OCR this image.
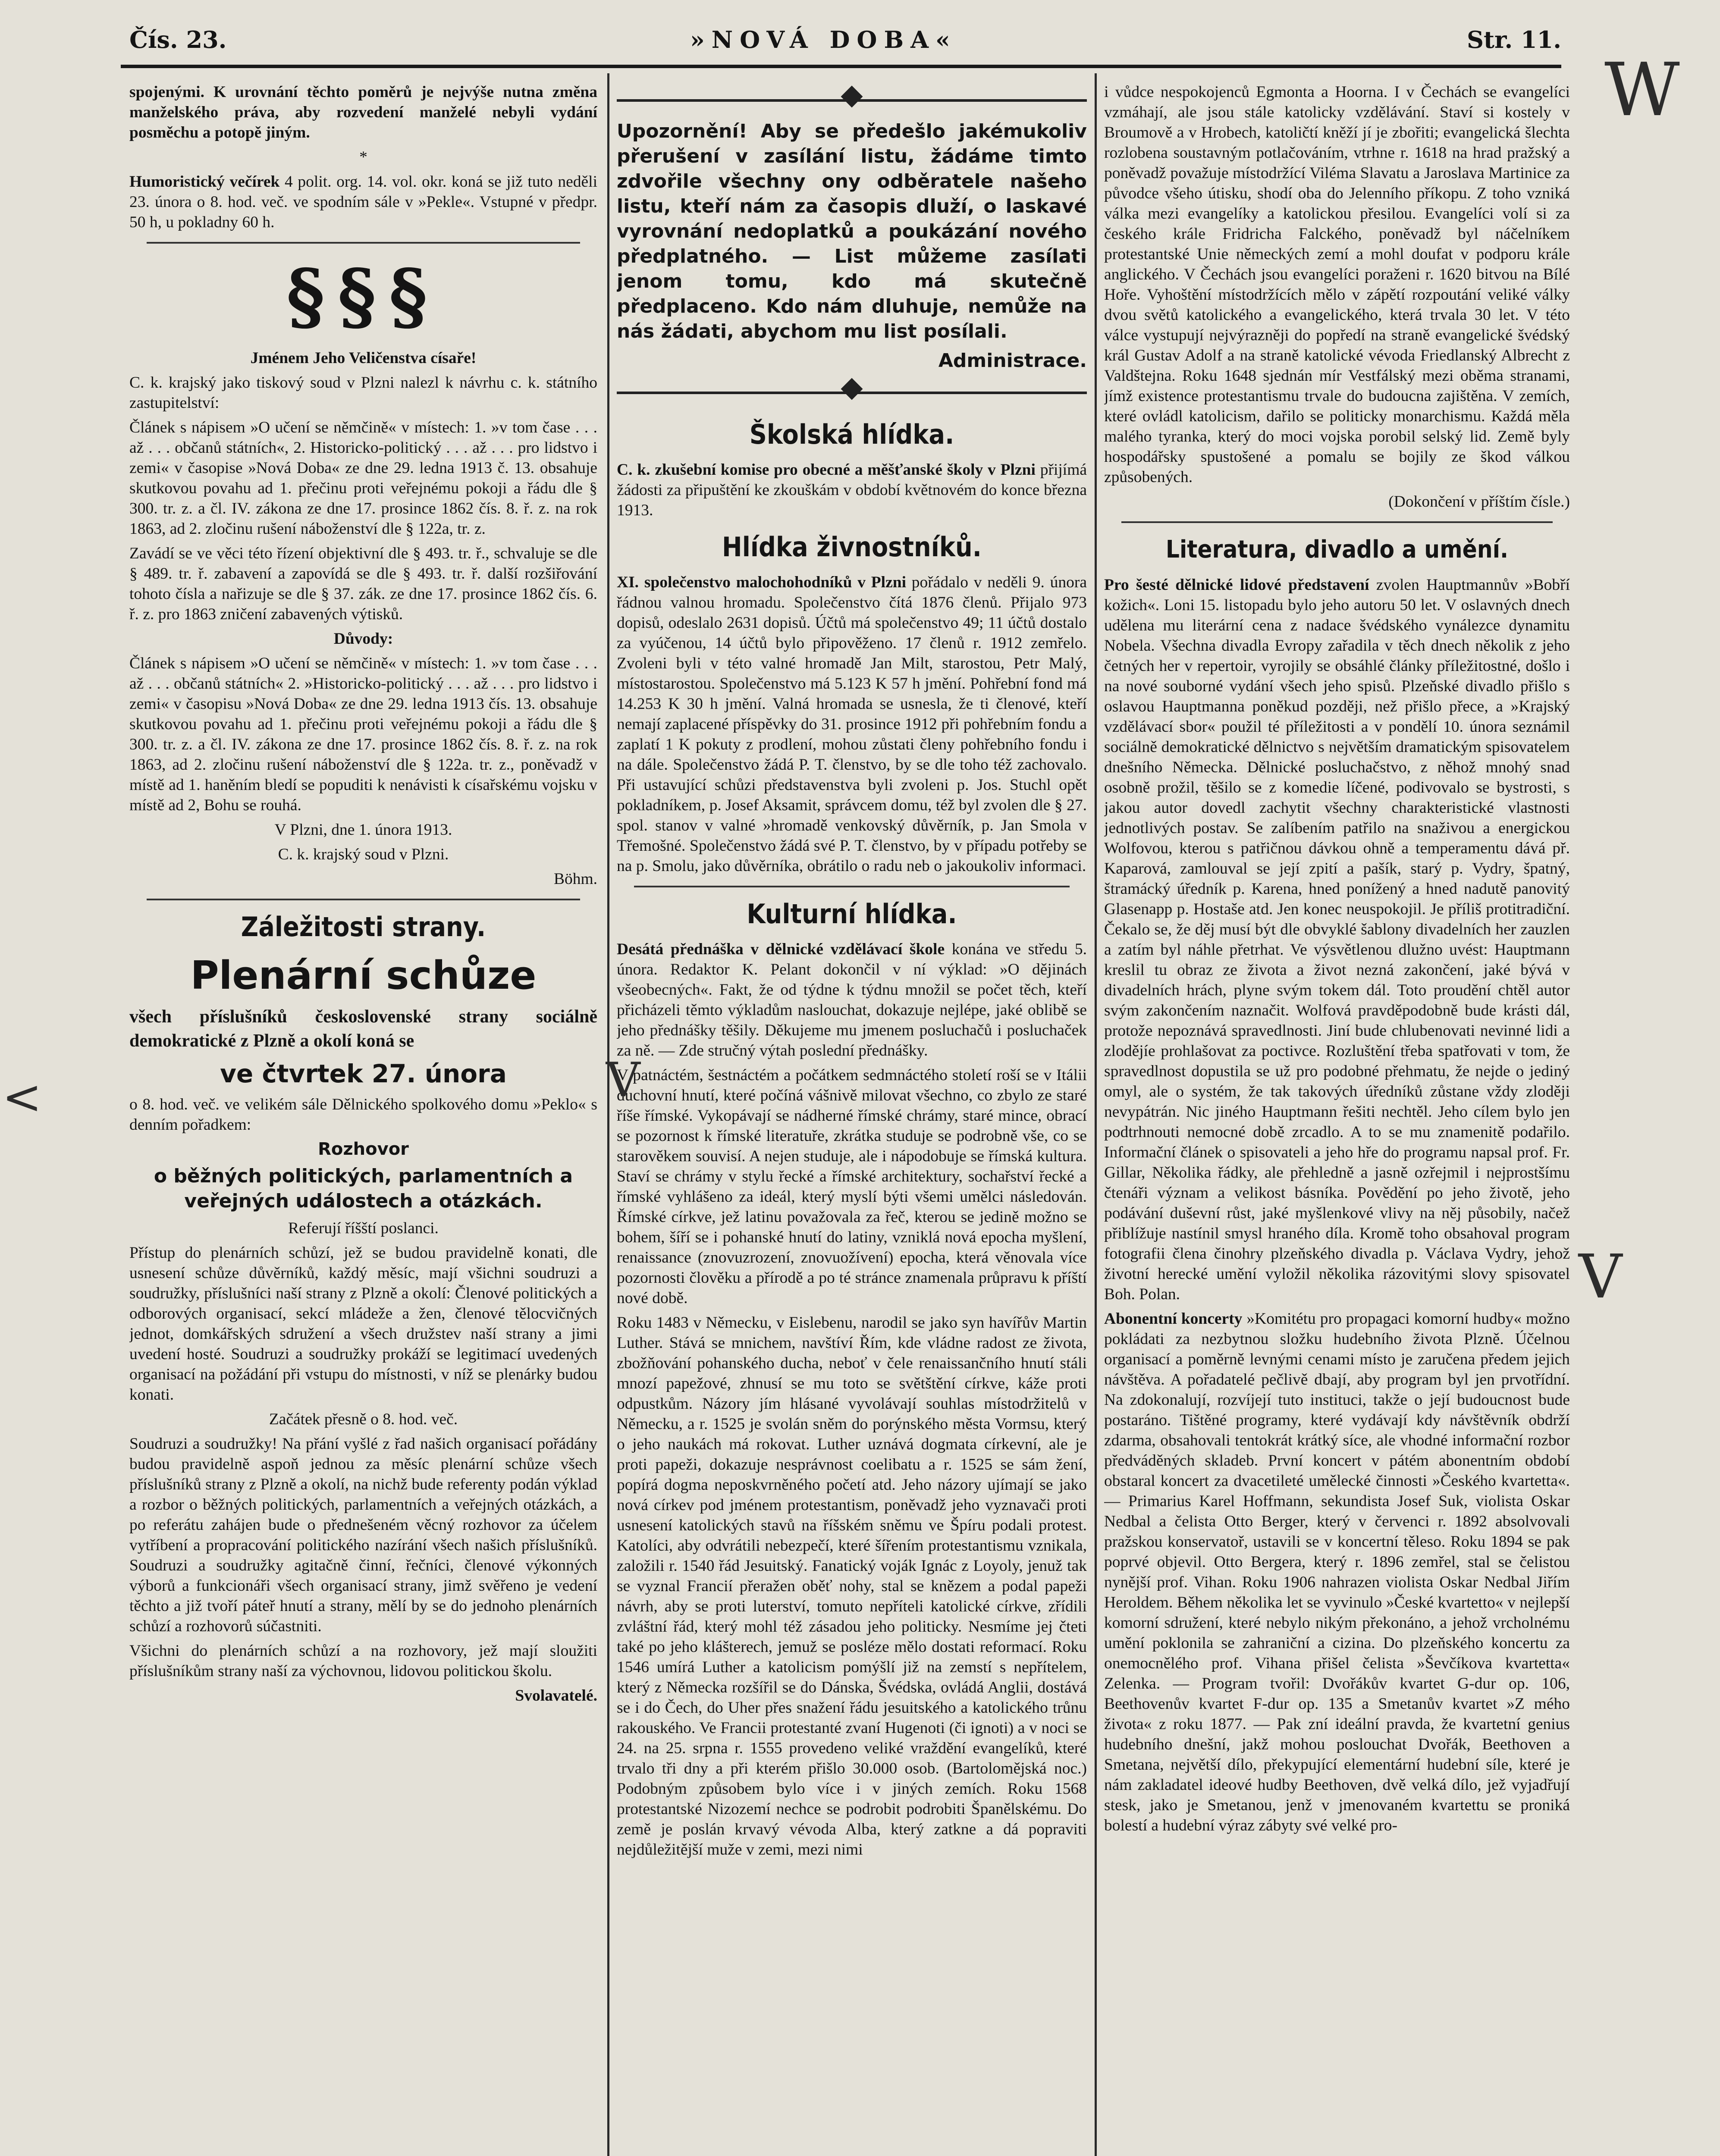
Čís. 23.	»NOVÁ DOBA«	Str. 11.

spojenými. K urovnání těchto poměrů je nejvýše nutna změna manželského práva, aby rozvedení manželé nebyli vydání posměchu a potopě jiným.

*

Humoristický večírek 4 polit. org. 14. vol. okr. koná se již tuto neděli 23. února o 8. hod. več. ve spodním sále v »Pekle«. Vstupné v předpr. 50 h, u pokladny 60 h.

§§§

Jménem Jeho Veličenstva císaře!

C. k. krajský jako tiskový soud v Plzni nalezl k návrhu c. k. státního zastupitelství:

Článek s nápisem »O učení se němčině« v místech: 1. »v tom čase . . . až . . . občanů státních«, 2. Historicko-politický . . . až . . . pro lidstvo i zemi« v časopise »Nová Doba« ze dne 29. ledna 1913 č. 13. obsahuje skutkovou povahu ad 1. přečinu proti veřejnému pokoji a řádu dle § 300. tr. z. a čl. IV. zákona ze dne 17. prosince 1862 čís. 8. ř. z. na rok 1863, ad 2. zločinu rušení náboženství dle § 122a, tr. z.

Zavádí se ve věci této řízení objektivní dle § 493. tr. ř., schvaluje se dle § 489. tr. ř. zabavení a zapovídá se dle § 493. tr. ř. další rozšiřování tohoto čísla a nařizuje se dle § 37. zák. ze dne 17. prosince 1862 čís. 6. ř. z. pro 1863 zničení zabavených výtisků.

Důvody:

Článek s nápisem »O učení se němčině« v místech: 1. »v tom čase . . . až . . . občanů státních« 2. »Historicko-politický . . . až . . . pro lidstvo i zemi« v časopisu »Nová Doba« ze dne 29. ledna 1913 čís. 13. obsahuje skutkovou povahu ad 1. přečinu proti veřejnému pokoji a řádu dle § 300. tr. z. a čl. IV. zákona ze dne 17. prosince 1862 čís. 8. ř. z. na rok 1863, ad 2. zločinu rušení náboženství dle § 122a. tr. z., poněvadž v místě ad 1. haněním bledí se popuditi k nenávisti k císařskému vojsku v místě ad 2, Bohu se rouhá.

V Plzni, dne 1. února 1913.

C. k. krajský soud v Plzni.

Böhm.

Záležitosti strany.
Plenární schůze

všech příslušníků československé strany sociálně demokratické z Plzně a okolí koná se

ve čtvrtek 27. února

o 8. hod. več. ve velikém sále Dělnického spolkového domu »Peklo« s denním pořadkem:

Rozhovor

o běžných politických, parlamentních a veřejných událostech a otázkách.

Referují říšští poslanci.

Přístup do plenárních schůzí, jež se budou pravidelně konati, dle usnesení schůze důvěrníků, každý měsíc, mají všichni soudruzi a soudružky, příslušníci naší strany z Plzně a okolí: Členové politických a odborových organisací, sekcí mládeže a žen, členové tělocvičných jednot, domkářských sdružení a všech družstev naší strany a jimi uvedení hosté. Soudruzi a soudružky prokáží se legitimací uvedených organisací na požádání při vstupu do místnosti, v níž se plenárky budou konati.

Začátek přesně o 8. hod. več.

Soudruzi a soudružky! Na přání vyšlé z řad našich organisací pořádány budou pravidelně aspoň jednou za měsíc plenární schůze všech příslušníků strany z Plzně a okolí, na nichž bude referenty podán výklad a rozbor o běžných politických, parlamentních a veřejných otázkách, a po referátu zahájen bude o přednešeném věcný rozhovor za účelem vytříbení a propracování politického nazírání všech našich příslušníků. Soudruzi a soudružky agitačně činní, řečníci, členové výkonných výborů a funkcionáři všech organisací strany, jimž svěřeno je vedení těchto a již tvoří páteř hnutí a strany, mělí by se do jednoho plenárních schůzí a rozhovorů súčastniti.

Všichni do plenárních schůzí a na rozhovory, jež mají sloužiti příslušníkům strany naší za výchovnou, lidovou politickou školu.

Svolavatelé.

Upozornění! Aby se předešlo jakémukoliv přerušení v zasílání listu, žádáme timto zdvořile všechny ony odběratele našeho listu, kteří nám za časopis dluží, o laskavé vyrovnání nedoplatků a poukázání nového předplatného. — List můžeme zasílati jenom tomu, kdo má skutečně předplaceno. Kdo nám dluhuje, nemůže na nás žádati, abychom mu list posílali.

Administrace.

Školská hlídka.

C. k. zkušební komise pro obecné a měšťanské školy v Plzni přijímá žádosti za připuštění ke zkouškám v období květnovém do konce března 1913.

Hlídka živnostníků.

XI. společenstvo malochohodníků v Plzni pořádalo v neděli 9. února řádnou valnou hromadu. Společenstvo čítá 1876 členů. Přijalo 973 dopisů, odeslalo 2631 dopisů. Účtů má společenstvo 49; 11 účtů dostalo za vyúčenou, 14 účtů bylo připověženo. 17 členů r. 1912 zemřelo. Zvoleni byli v této valné hromadě Jan Milt, starostou, Petr Malý, místostarostou. Společenstvo má 5.123 K 57 h jmění. Pohřební fond má 14.253 K 30 h jmění. Valná hromada se usnesla, že ti členové, kteří nemají zaplacené příspěvky do 31. prosince 1912 při pohřebním fondu a zaplatí 1 K pokuty z prodlení, mohou zůstati členy pohřebního fondu i na dále. Společenstvo žádá P. T. členstvo, by se dle toho též zachovalo. Při ustavující schůzi představenstva byli zvoleni p. Jos. Stuchl opět pokladníkem, p. Josef Aksamit, správcem domu, též byl zvolen dle § 27. spol. stanov v valné »hromadě venkovský důvěrník, p. Jan Smola v Třemošné. Společenstvo žádá své P. T. členstvo, by v případu potřeby se na p. Smolu, jako důvěrníka, obrátilo o radu neb o jakoukoliv informaci.

Kulturní hlídka.

Desátá přednáška v dělnické vzdělávací škole konána ve středu 5. února. Redaktor K. Pelant dokončil v ní výklad: »O dějinách všeobecných«. Fakt, že od týdne k týdnu množil se počet těch, kteří přicházeli těmto výkladům naslouchat, dokazuje nejlépe, jaké oblibě se jeho přednášky těšily. Děkujeme mu jmenem posluchačů i posluchaček za ně. — Zde stručný výtah poslední přednášky.

V patnáctém, šestnáctém a počátkem sedmnáctého století roší se v Itálii duchovní hnutí, které počíná vášnivě milovat všechno, co zbylo ze staré říše římské. Vykopávají se nádherné římské chrámy, staré mince, obrací se pozornost k římské literatuře, zkrátka studuje se podrobně vše, co se starověkem souvisí. A nejen studuje, ale i nápodobuje se římská kultura. Staví se chrámy v stylu řecké a římské architektury, sochařství řecké a římské vyhlášeno za ideál, který myslí býti všemi umělci následován. Římské církve, jež latinu považovala za řeč, kterou se jedině možno se bohem, šíří se i pohanské hnutí do latiny, vzniklá nová epocha myšlení, renaissance (znovuzrození, znovuožívení) epocha, která věnovala více pozornosti člověku a přírodě a po té stránce znamenala průpravu k příští nové době.

Roku 1483 v Německu, v Eislebenu, narodil se jako syn havířův Martin Luther. Stává se mnichem, navštíví Řím, kde vládne radost ze života, zbožňování pohanského ducha, neboť v čele renaissančního hnutí stáli mnozí papežové, zhnusí se mu toto se světštění církve, káže proti odpustkům. Názory jím hlásané vyvolávají souhlas místodržitelů v Německu, a r. 1525 je svolán sněm do porýnského města Vormsu, který o jeho naukách má rokovat. Luther uznává dogmata církevní, ale je proti papeži, dokazuje nesprávnost coelibatu a r. 1525 se sám žení, popírá dogma neposkvrněného početí atd. Jeho názory ujímají se jako nová církev pod jménem protestantism, poněvadž jeho vyznavači proti usnesení katolických stavů na říšském sněmu ve Špíru podali protest. Katolíci, aby odvrátili nebezpečí, které šířením protestantismu vznikala, založili r. 1540 řád Jesuitský. Fanatický voják Ignác z Loyoly, jenuž tak se vyznal Francií přeražen oběť nohy, stal se knězem a podal papeži návrh, aby se proti luterství, tomuto nepříteli katolické církve, zřídili zvláštní řád, který mohl též zásadou jeho politicky. Nesmíme jej čteti také po jeho klášterech, jemuž se posléze mělo dostati reformací. Roku 1546 umírá Luther a katolicism pomýšlí již na zemstí s nepřítelem, který z Německa rozšířil se do Dánska, Švédska, ovládá Anglii, dostává se i do Čech, do Uher přes snažení řádu jesuitského a katolického trůnu rakouského. Ve Francii protestanté zvaní Hugenoti (či ignoti) a v noci se 24. na 25. srpna r. 1555 provedeno veliké vraždění evangelíků, které trvalo tři dny a při kterém přišlo 30.000 osob. (Bartolomějská noc.) Podobným způsobem bylo více i v jiných zemích. Roku 1568 protestantské Nizozemí nechce se podrobit podrobiti Španělskému. Do země je poslán krvavý vévoda Alba, který zatkne a dá popraviti nejdůležitější muže v zemi, mezi nimi

i vůdce nespokojenců Egmonta a Hoorna. I v Čechách se evangelíci vzmáhají, ale jsou stále katolicky vzdělávání. Staví si kostely v Broumově a v Hrobech, katoličtí kněží jí je zbořiti; evangelická šlechta rozlobena soustavným potlačováním, vtrhne r. 1618 na hrad pražský a poněvadž považuje místodržící Viléma Slavatu a Jaroslava Martinice za původce všeho útisku, shodí oba do Jelenního příkopu. Z toho vzniká válka mezi evangelíky a katolickou přesilou. Evangelíci volí si za českého krále Fridricha Falckého, poněvadž byl náčelníkem protestantské Unie německých zemí a mohl doufat v podporu krále anglického. V Čechách jsou evangelíci poraženi r. 1620 bitvou na Bílé Hoře. Vyhoštění místodržících mělo v zápětí rozpoutání veliké války dvou světů katolického a evangelického, která trvala 30 let. V této válce vystupují nejvýrazněji do popředí na straně evangelické švédský král Gustav Adolf a na straně katolické vévoda Friedlanský Albrecht z Valdštejna. Roku 1648 sjednán mír Vestfálský mezi oběma stranami, jímž existence protestantismu trvale do budoucna zajištěna. V zemích, které ovládl katolicism, dařilo se politicky monarchismu. Každá měla malého tyranka, který do moci vojska porobil selský lid. Země byly hospodářsky spustošené a pomalu se bojily ze škod válkou způsobených.

(Dokončení v příštím čísle.)

Literatura, divadlo a umění.

Pro šesté dělnické lidové představení zvolen Hauptmannův »Bobří kožich«. Loni 15. listopadu bylo jeho autoru 50 let. V oslavných dnech udělena mu literární cena z nadace švédského vynálezce dynamitu Nobela. Všechna divadla Evropy zařadila v těch dnech několik z jeho četných her v repertoir, vyrojily se obsáhlé články příležitostné, došlo i na nové souborné vydání všech jeho spisů. Plzeňské divadlo přišlo s oslavou Hauptmanna poněkud později, než přišlo přece, a »Krajský vzdělávací sbor« použil té příležitosti a v pondělí 10. února seznámil sociálně demokratické dělnictvo s největším dramatickým spisovatelem dnešního Německa. Dělnické posluchačstvo, z něhož mnohý snad osobně prožil, těšilo se z komedie líčené, podivovalo se bystrosti, s jakou autor dovedl zachytit všechny charakteristické vlastnosti jednotlivých postav. Se zalíbením patřilo na snaživou a energickou Wolfovou, kterou s patřičnou dávkou ohně a temperamentu dává př. Kaparová, zamlouval se její zpití a pašík, starý p. Vydry, špatný, štramácký úředník p. Karena, hned ponížený a hned nadutě panovitý Glasenapp p. Hostaše atd. Jen konec neuspokojil. Je příliš protitradiční. Čekalo se, že děj musí být dle obvyklé šablony divadelních her zauzlen a zatím byl náhle přetrhat. Ve výsvětlenou dlužno uvést: Hauptmann kreslil tu obraz ze života a život nezná zakončení, jaké bývá v divadelních hrách, plyne svým tokem dál. Toto proudění chtěl autor svým zakončením naznačit. Wolfová pravděpodobně bude krásti dál, protože nepoznává spravedlnosti. Jiní bude chlubenovati nevinné lidi a zlodějíe prohlašovat za poctivce. Rozluštění třeba spatřovati v tom, že spravedlnost dopustila se už pro podobné přehmatu, že nejde o jediný omyl, ale o systém, že tak takových úředníků zůstane vždy zloději nevypátrán. Nic jiného Hauptmann řešiti nechtěl. Jeho cílem bylo jen podtrhnouti nemocné době zrcadlo. A to se mu znamenitě podařilo. Informační článek o spisovateli a jeho hře do programu napsal prof. Fr. Gillar, Několika řádky, ale přehledně a jasně ozřejmil i nejprostšímu čtenáři význam a velikost básníka. Povědění po jeho životě, jeho podávání duševní růst, jaké myšlenkové vlivy na něj působily, načež přiblížuje nastínil smysl hraného díla. Kromě toho obsahoval program fotografii člena činohry plzeňského divadla p. Václava Vydry, jehož životní herecké umění vyložil několika rázovitými slovy spisovatel Boh. Polan.

Abonentní koncerty »Komitétu pro propagaci komorní hudby« možno pokládati za nezbytnou složku hudebního života Plzně. Účelnou organisací a poměrně levnými cenami místo je zaručena předem jejich návštěva. A pořadatelé pečlivě dbají, aby program byl jen prvotřídní. Na zdokonalují, rozvíjejí tuto instituci, takže o její budoucnost bude postaráno. Tištěné programy, které vydávají kdy návštěvník obdrží zdarma, obsahovali tentokrát krátký síce, ale vhodné informační rozbor předváděných skladeb. První koncert v pátém abonentním období obstaral koncert za dvacetileté umělecké činnosti »Českého kvartetta«. — Primarius Karel Hoffmann, sekundista Josef Suk, violista Oskar Nedbal a čelista Otto Berger, který v červenci r. 1892 absolvovali pražskou konservatoř, ustavili se v koncertní těleso. Roku 1894 se pak poprvé objevil. Otto Bergera, který r. 1896 zemřel, stal se čelistou nynější prof. Vihan. Roku 1906 nahrazen violista Oskar Nedbal Jiřím Heroldem. Během několika let se vyvinulo »České kvartetto« v nejlepší komorní sdružení, které nebylo nikým překonáno, a jehož vrcholnému umění poklonila se zahraniční a cizina. Do plzeňského koncertu za onemocnělého prof. Vihana přišel čelista »Ševčíkova kvartetta« Zelenka. — Program tvořil: Dvořákův kvartet G-dur op. 106, Beethovenův kvartet F-dur op. 135 a Smetanův kvartet »Z mého života« z roku 1877. — Pak zní ideální pravda, že kvartetní genius hudebního dnešní, jakž mohou poslouchat Dvořák, Beethoven a Smetana, největší dílo, překypující elementární hudební síle, které je nám zakladatel ideové hudby Beethoven, dvě velká dílo, jež vyjadřují stesk, jako je Smetanou, jenž v jmenovaném kvartettu se proniká bolestí a hudební výraz zábyty své velké pro-

W
V
<	V
